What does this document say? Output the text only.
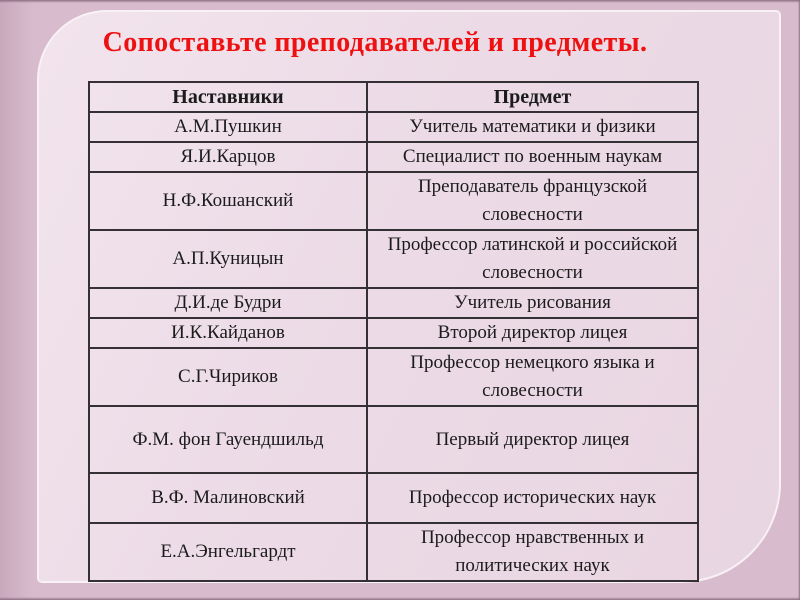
Сопоставьте преподавателей и предметы.
Наставники	Предмет
А.М.Пушкин	Учитель математики и физики
Я.И.Карцов	Специалист по военным наукам
Н.Ф.Кошанский	Преподаватель французской словесности
А.П.Куницын	Профессор латинской и российской словесности
Д.И.де Будри	Учитель рисования
И.К.Кайданов	Второй директор лицея
С.Г.Чириков	Профессор немецкого языка и словесности
Ф.М. фон Гауендшильд	Первый директор лицея
В.Ф. Малиновский	Профессор исторических наук
Е.А.Энгельгардт	Профессор нравственных и политических наук
